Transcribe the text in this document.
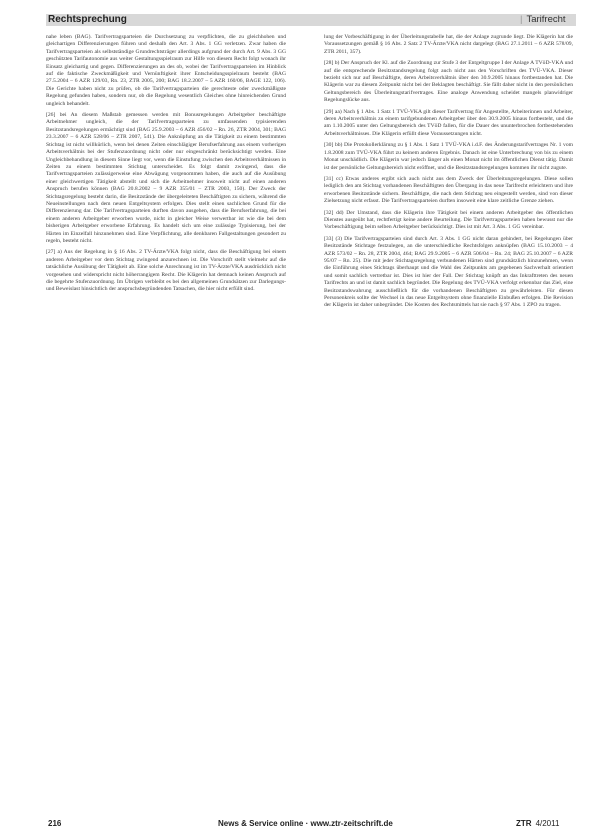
Rechtsprechung	| Tarifrecht

nahe leben (BAG). Tarifvertragsparteien die Durchsetzung zu verpflichten, die zu gleichhohen und gleichartigen Differenzierungen führen und deshalb den Art. 3 Abs. 1 GG verletzen. Zwar haben die Tarifvertragsparteien als selbstständige Grundrechtsträger allerdings aufgrund der durch Art. 9 Abs. 3 GG geschützten Tarifautonomie aus weiter Gestaltungsspielraum zur Hilfe von diesem Recht folgt wonach ihr Einsatz gleichartig und gegen. Differenzierungen an des ob, wobei der Tarifvertragsparteien im Hinblick auf die faktische Zweckmäßigkeit und Vernünftigkeit ihrer Entscheidungsspielraum besteht (BAG 27.5.2004 – 6 AZR 129/03, Rn. 23, ZTR 2005, 200; BAG 18.2.2007 – 5 AZR 160/06, BAGE 122, 106). Die Gerichte haben nicht zu prüfen, ob die Tarifvertragsparteien die gerechteste oder zweckmäßigste Regelung gefunden haben, sondern nur, ob die Regelung wesentlich Gleiches ohne hinreichenden Grund ungleich behandelt.

[26] bei An diesem Maßstab gemessen werden mit Bonusregelungen Arbeitgeber beschäftigte Arbeitnehmer ungleich, die der Tarifvertragsparteien zu umfassenden typisierenden Besitzstandsregelungen ermächtigt sind (BAG 25.9.2003 – 6 AZR 456/02 – Rn. 26, ZTR 2004, 301; BAG 23.3.2007 – 6 AZR 528/06 – ZTR 2007, 541). Die Anknüpfung an die Tätigkeit zu einem bestimmten Stichtag ist nicht willkürlich, wenn bei denen Zeiten einschlägiger Berufserfahrung aus einem vorherigen Arbeitsverhältnis bei der Stufenzuordnung nicht oder nur eingeschränkt berücksichtigt werden. Eine Ungleichbehandlung in diesem Sinne liegt vor, wenn die Einstufung zwischen den Arbeitsverhältnissen in Zeiten zu einem bestimmten Stichtag unterscheidet. Es folgt damit zwingend, dass die Tarifvertragsparteien zulässigerweise eine Abwägung vorgenommen haben, die auch auf die Ausübung einer gleichwertigen Tätigkeit abstellt und sich die Arbeitnehmer insoweit nicht auf einen anderen Anspruch berufen können (BAG 20.8.2002 – 9 AZR 355/01 – ZTR 2003, 150). Der Zweck der Stichtagsregelung besteht darin, die Besitzstände der übergeleiteten Beschäftigten zu sichern, während die Neueinstellungen nach dem neuen Entgeltsystem erfolgen. Dies stellt einen sachlichen Grund für die Differenzierung dar. Die Tarifvertragsparteien durften davon ausgehen, dass die Berufserfahrung, die bei einem anderen Arbeitgeber erworben wurde, nicht in gleicher Weise verwertbar ist wie die bei dem bisherigen Arbeitgeber erworbene Erfahrung. Es handelt sich um eine zulässige Typisierung, bei der Härten im Einzelfall hinzunehmen sind. Eine Verpflichtung, alle denkbaren Fallgestaltungen gesondert zu regeln, besteht nicht.

[27] a) Aus der Regelung in § 16 Abs. 2 TV-Ärzte/VKA folgt nicht, dass die Beschäftigung bei einem anderen Arbeitgeber vor dem Stichtag zwingend anzurechnen ist. Die Vorschrift stellt vielmehr auf die tatsächliche Ausübung der Tätigkeit ab. Eine solche Anrechnung ist im TV-Ärzte/VKA ausdrücklich nicht vorgesehen und widerspricht nicht höherrangigem Recht. Die Klägerin hat demnach keinen Anspruch auf die begehrte Stufenzuordnung. Im Übrigen verbleibt es bei den allgemeinen Grundsätzen zur Darlegungs- und Beweislast hinsichtlich der anspruchsbegründenden Tatsachen, die hier nicht erfüllt sind.

lung der Vorbeschäftigung in der Überleitungstabelle hat, die der Anlage zugrunde liegt. Die Klägerin hat die Voraussetzungen gemäß § 16 Abs. 2 Satz 2 TV-Ärzte/VKA nicht dargelegt (BAG 27.1.2011 – 6 AZR 578/09, ZTR 2011, 357).

[28] b) Der Anspruch der Kl. auf die Zuordnung zur Stufe 3 der Entgeltgruppe I der Anlage A TVöD-VKA und auf die entsprechende Besitzstandsregelung folgt auch nicht aus den Vorschriften des TVÜ-VKA. Dieser bezieht sich nur auf Beschäftigte, deren Arbeitsverhältnis über den 30.9.2005 hinaus fortbestanden hat. Die Klägerin war zu diesem Zeitpunkt nicht bei der Beklagten beschäftigt. Sie fällt daher nicht in den persönlichen Geltungsbereich des Überleitungstarifvertrages. Eine analoge Anwendung scheidet mangels planwidriger Regelungslücke aus.

[29] aa) Nach § 1 Abs. 1 Satz 1 TVÜ-VKA gilt dieser Tarifvertrag für Angestellte, Arbeiterinnen und Arbeiter, deren Arbeitsverhältnis zu einem tarifgebundenen Arbeitgeber über den 30.9.2005 hinaus fortbesteht, und die am 1.10.2005 unter den Geltungsbereich des TVöD fallen, für die Dauer des ununterbrochen fortbestehenden Arbeitsverhältnisses. Die Klägerin erfüllt diese Voraussetzungen nicht.

[30] bb) Die Protokollerklärung zu § 1 Abs. 1 Satz 1 TVÜ-VKA i.d.F. des Änderungstarifvertrages Nr. 1 vom 1.8.2008 zum TVÜ-VKA führt zu keinem anderen Ergebnis. Danach ist eine Unterbrechung von bis zu einem Monat unschädlich. Die Klägerin war jedoch länger als einen Monat nicht im öffentlichen Dienst tätig. Damit ist der persönliche Geltungsbereich nicht eröffnet, und die Besitzstandsregelungen kommen ihr nicht zugute.

[31] cc) Etwas anderes ergibt sich auch nicht aus dem Zweck der Überleitungsregelungen. Diese sollen lediglich den am Stichtag vorhandenen Beschäftigten den Übergang in das neue Tarifrecht erleichtern und ihre erworbenen Besitzstände sichern. Beschäftigte, die nach dem Stichtag neu eingestellt werden, sind von dieser Zielsetzung nicht erfasst. Die Tarifvertragsparteien durften insoweit eine klare zeitliche Grenze ziehen.

[32] dd) Der Umstand, dass die Klägerin ihre Tätigkeit bei einem anderen Arbeitgeber des öffentlichen Dienstes ausgeübt hat, rechtfertigt keine andere Beurteilung. Die Tarifvertragsparteien haben bewusst nur die Vorbeschäftigung beim selben Arbeitgeber berücksichtigt. Dies ist mit Art. 3 Abs. 1 GG vereinbar.

[33] (3) Die Tarifvertragsparteien sind durch Art. 3 Abs. 1 GG nicht daran gehindert, bei Regelungen über Besitzstände Stichtage festzulegen, an die unterschiedliche Rechtsfolgen anknüpfen (BAG 15.10.2003 – 4 AZR 573/02 – Rn. 28, ZTR 2004, 464; BAG 29.9.2005 – 6 AZR 506/04 – Rn. 24; BAG 25.10.2007 – 6 AZR 95/07 – Rn. 25). Die mit jeder Stichtagsregelung verbundenen Härten sind grundsätzlich hinzunehmen, wenn die Einführung eines Stichtags überhaupt und die Wahl des Zeitpunkts am gegebenen Sachverhalt orientiert und somit sachlich vertretbar ist. Dies ist hier der Fall. Der Stichtag knüpft an das Inkrafttreten des neuen Tarifrechts an und ist damit sachlich begründet. Die Regelung des TVÜ-VKA verfolgt erkennbar das Ziel, eine Besitzstandswahrung ausschließlich für die vorhandenen Beschäftigten zu gewährleisten. Für diesen Personenkreis sollte der Wechsel in das neue Entgeltsystem ohne finanzielle Einbußen erfolgen. Die Revision der Klägerin ist daher unbegründet. Die Kosten des Rechtsmittels hat sie nach § 97 Abs. 1 ZPO zu tragen.

216	News & Service online · www.ztr-zeitschrift.de	ZTR 4/2011
